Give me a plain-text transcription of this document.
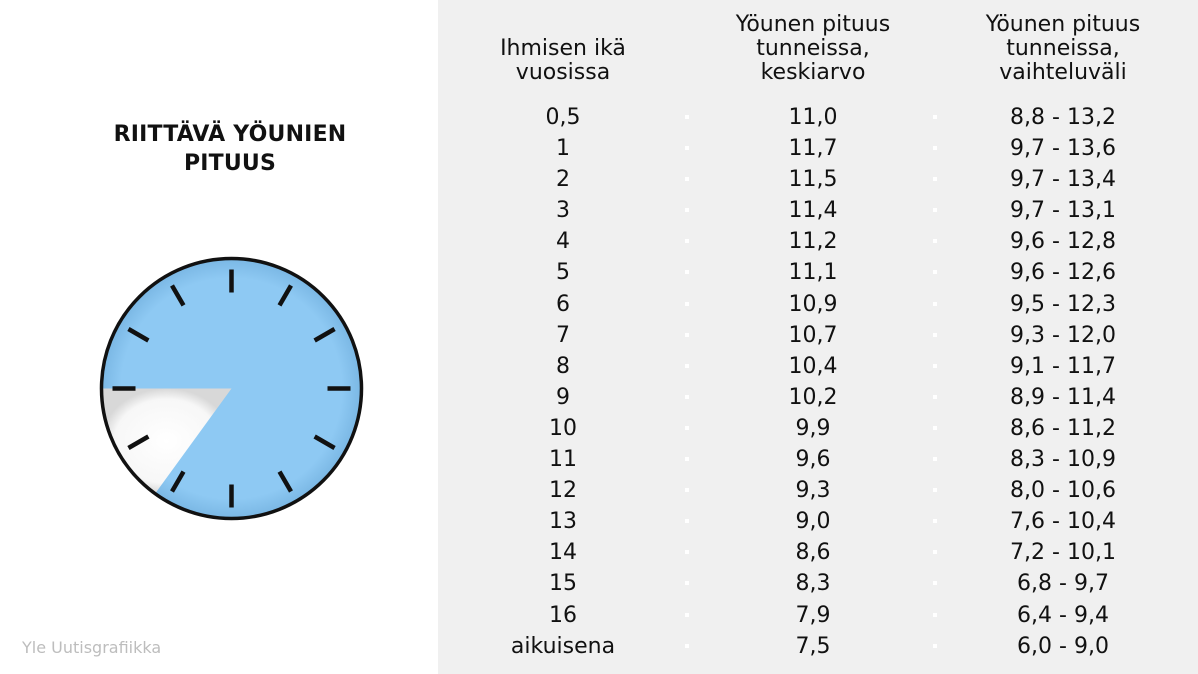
RIITTÄVÄ YÖUNIEN
PITUUS
Yle Uutisgrafiikka
Ihmisen ikä
vuosissa
Yöunen pituus
tunneissa,
keskiarvo
Yöunen pituus
tunneissa,
vaihteluväli
0,5	11,0	8,8 - 13,2
1	11,7	9,7 - 13,6
2	11,5	9,7 - 13,4
3	11,4	9,7 - 13,1
4	11,2	9,6 - 12,8
5	11,1	9,6 - 12,6
6	10,9	9,5 - 12,3
7	10,7	9,3 - 12,0
8	10,4	9,1 - 11,7
9	10,2	8,9 - 11,4
10	9,9	8,6 - 11,2
11	9,6	8,3 - 10,9
12	9,3	8,0 - 10,6
13	9,0	7,6 - 10,4
14	8,6	7,2 - 10,1
15	8,3	6,8 - 9,7
16	7,9	6,4 - 9,4
aikuisena	7,5	6,0 - 9,0
